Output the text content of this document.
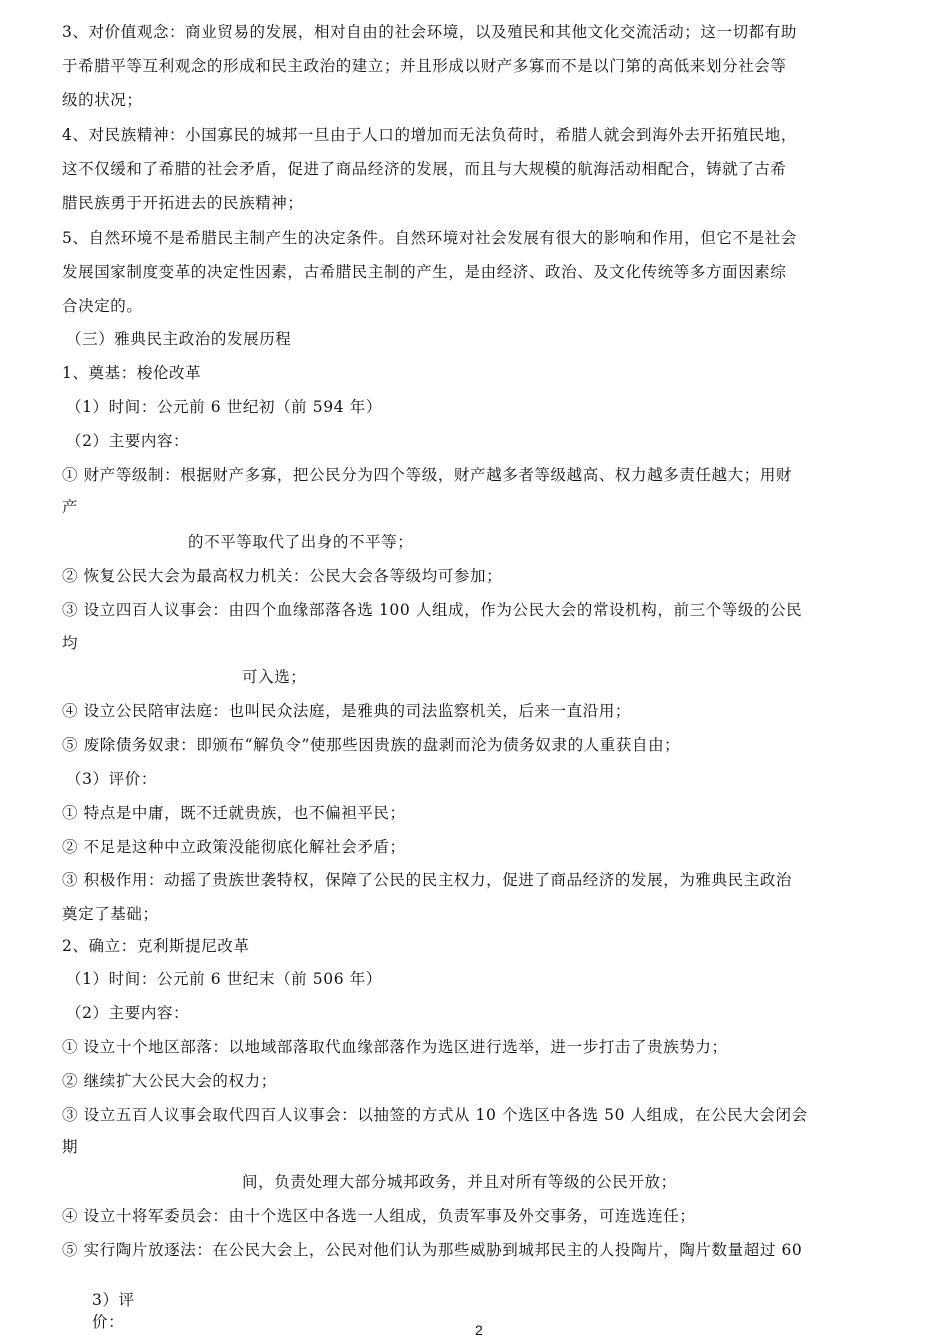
3、对价值观念：商业贸易的发展，相对自由的社会环境，以及殖民和其他文化交流活动；这一切都有助
于希腊平等互利观念的形成和民主政治的建立；并且形成以财产多寡而不是以门第的高低来划分社会等
级的状况；
4、对民族精神：小国寡民的城邦一旦由于人口的增加而无法负荷时，希腊人就会到海外去开拓殖民地，
这不仅缓和了希腊的社会矛盾，促进了商品经济的发展，而且与大规模的航海活动相配合，铸就了古希
腊民族勇于开拓进去的民族精神；
5、自然环境不是希腊民主制产生的决定条件。自然环境对社会发展有很大的影响和作用，但它不是社会
发展国家制度变革的决定性因素，古希腊民主制的产生，是由经济、政治、及文化传统等多方面因素综
合决定的。
（三）雅典民主政治的发展历程
1、奠基：梭伦改革
（1）时间：公元前 6 世纪初（前 594 年）
（2）主要内容：
① 财产等级制：根据财产多寡，把公民分为四个等级，财产越多者等级越高、权力越多责任越大；用财
产
的不平等取代了出身的不平等；
② 恢复公民大会为最高权力机关：公民大会各等级均可参加；
③ 设立四百人议事会：由四个血缘部落各选 100 人组成，作为公民大会的常设机构，前三个等级的公民
均
可入选；
④ 设立公民陪审法庭：也叫民众法庭，是雅典的司法监察机关，后来一直沿用；
⑤ 废除债务奴隶：即颁布“解负令”使那些因贵族的盘剥而沦为债务奴隶的人重获自由；
（3）评价：
① 特点是中庸，既不迁就贵族，也不偏袒平民；
② 不足是这种中立政策没能彻底化解社会矛盾；
③ 积极作用：动摇了贵族世袭特权，保障了公民的民主权力，促进了商品经济的发展，为雅典民主政治
奠定了基础；
2、确立：克利斯提尼改革
（1）时间：公元前 6 世纪末（前 506 年）
（2）主要内容：
① 设立十个地区部落：以地域部落取代血缘部落作为选区进行选举，进一步打击了贵族势力；
② 继续扩大公民大会的权力；
③ 设立五百人议事会取代四百人议事会：以抽签的方式从 10 个选区中各选 50 人组成，在公民大会闭会
期
间，负责处理大部分城邦政务，并且对所有等级的公民开放；
④ 设立十将军委员会：由十个选区中各选一人组成，负责军事及外交事务，可连选连任；
⑤ 实行陶片放逐法：在公民大会上，公民对他们认为那些威胁到城邦民主的人投陶片，陶片数量超过 60
3）评
价：	2
